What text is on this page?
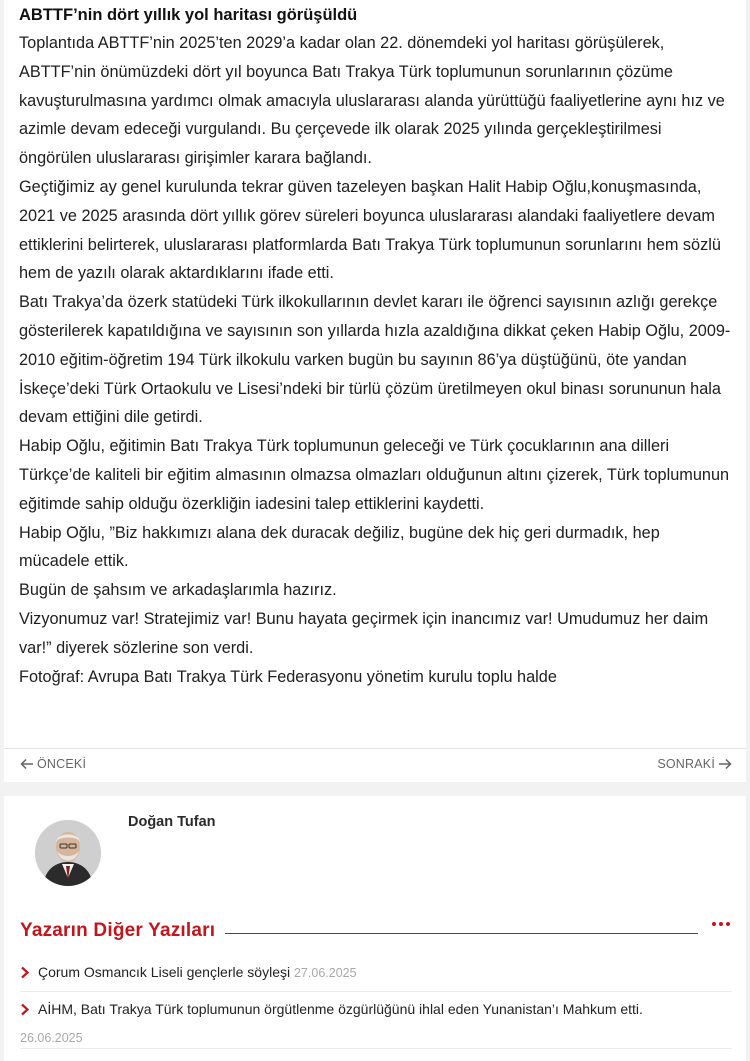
ABTTF’nin dört yıllık yol haritası görüşüldü

Toplantıda ABTTF’nin 2025’ten 2029’a kadar olan 22. dönemdeki yol haritası görüşülerek, ABTTF’nin önümüzdeki dört yıl boyunca Batı Trakya Türk toplumunun sorunlarının çözüme kavuşturulmasına yardımcı olmak amacıyla uluslararası alanda yürüttüğü faaliyetlerine aynı hız ve azimle devam edeceği vurgulandı. Bu çerçevede ilk olarak 2025 yılında gerçekleştirilmesi öngörülen uluslararası girişimler karara bağlandı.

Geçtiğimiz ay genel kurulunda tekrar güven tazeleyen başkan Halit Habip Oğlu,konuşmasında, 2021 ve 2025 arasında dört yıllık görev süreleri boyunca uluslararası alandaki faaliyetlere devam ettiklerini belirterek, uluslararası platformlarda Batı Trakya Türk toplumunun sorunlarını hem sözlü hem de yazılı olarak aktardıklarını ifade etti.

Batı Trakya’da özerk statüdeki Türk ilkokullarının devlet kararı ile öğrenci sayısının azlığı gerekçe gösterilerek kapatıldığına ve sayısının son yıllarda hızla azaldığına dikkat çeken Habip Oğlu, 2009-2010 eğitim-öğretim 194 Türk ilkokulu varken bugün bu sayının 86’ya düştüğünü, öte yandan İskeçe’deki Türk Ortaokulu ve Lisesi’ndeki bir türlü çözüm üretilmeyen okul binası sorununun hala devam ettiğini dile getirdi.

Habip Oğlu, eğitimin Batı Trakya Türk toplumunun geleceği ve Türk çocuklarının ana dilleri Türkçe’de kaliteli bir eğitim almasının olmazsa olmazları olduğunun altını çizerek, Türk toplumunun eğitimde sahip olduğu özerkliğin iadesini talep ettiklerini kaydetti.

Habip Oğlu, ”Biz hakkımızı alana dek duracak değiliz, bugüne dek hiç geri durmadık, hep mücadele ettik.

Bugün de şahsım ve arkadaşlarımla hazırız.

Vizyonumuz var! Stratejimiz var! Bunu hayata geçirmek için inancımız var! Umudumuz her daim var!” diyerek sözlerine son verdi.

Fotoğraf: Avrupa Batı Trakya Türk Federasyonu yönetim kurulu toplu halde

ÖNCEKİ	SONRAKİ
Doğan Tufan
Yazarın Diğer Yazıları
Çorum Osmancık Liseli gençlerle söyleşi 27.06.2025
AİHM, Batı Trakya Türk toplumunun örgütlenme özgürlüğünü ihlal eden Yunanistan’ı Mahkum etti.
26.06.2025
